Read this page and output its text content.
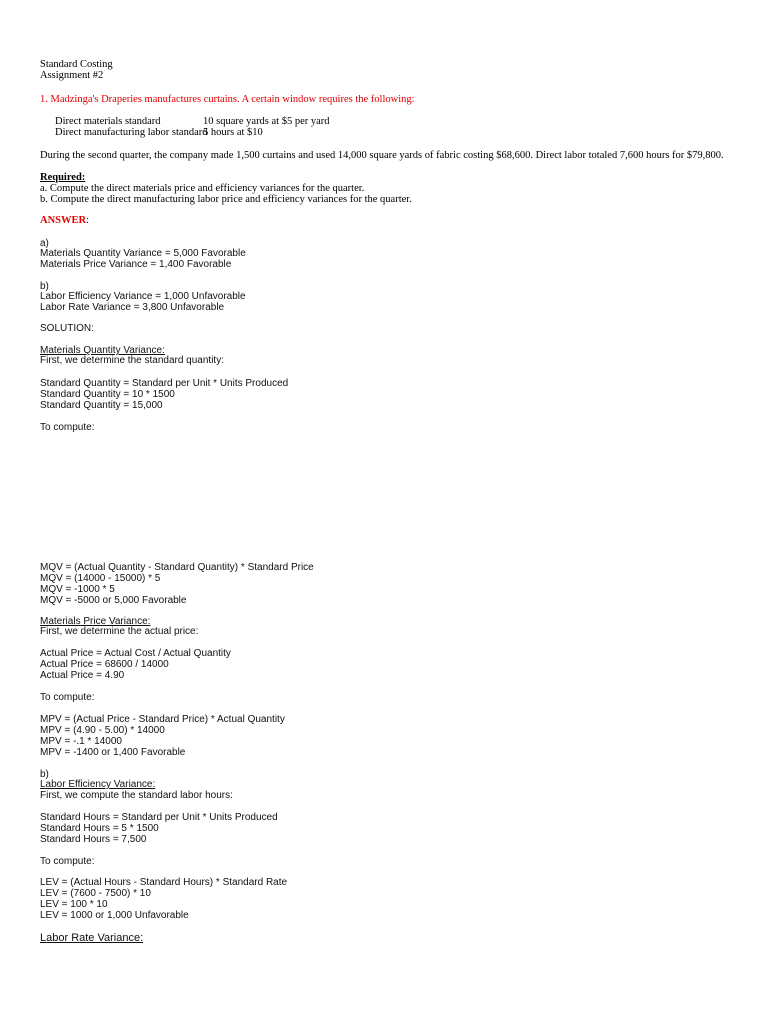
Standard Costing
Assignment #2
1. Madzinga's Draperies manufactures curtains. A certain window requires the following:
Direct materials standard	10 square yards at $5 per yard
Direct manufacturing labor standard
5 hours at $10
During the second quarter, the company made 1,500 curtains and used 14,000 square yards of fabric costing $68,600. Direct labor totaled 7,600 hours for $79,800.
Required:
a. Compute the direct materials price and efficiency variances for the quarter.
b. Compute the direct manufacturing labor price and efficiency variances for the quarter.
ANSWER:
a)
Materials Quantity Variance = 5,000 Favorable
Materials Price Variance = 1,400 Favorable
b)
Labor Efficiency Variance = 1,000 Unfavorable
Labor Rate Variance = 3,800 Unfavorable
SOLUTION:
Materials Quantity Variance:
First, we determine the standard quantity:
Standard Quantity = Standard per Unit * Units Produced
Standard Quantity = 10 * 1500
Standard Quantity = 15,000
To compute:
MQV = (Actual Quantity - Standard Quantity) * Standard Price
MQV = (14000 - 15000) * 5
MQV = -1000 * 5
MQV = -5000 or 5,000 Favorable
Materials Price Variance:
First, we determine the actual price:
Actual Price = Actual Cost / Actual Quantity
Actual Price = 68600 / 14000
Actual Price = 4.90
To compute:
MPV = (Actual Price - Standard Price) * Actual Quantity
MPV = (4.90 - 5.00) * 14000
MPV = -.1 * 14000
MPV = -1400 or 1,400 Favorable
b)
Labor Efficiency Variance:
First, we compute the standard labor hours:
Standard Hours = Standard per Unit * Units Produced
Standard Hours = 5 * 1500
Standard Hours = 7,500
To compute:
LEV = (Actual Hours - Standard Hours) * Standard Rate
LEV = (7600 - 7500) * 10
LEV = 100 * 10
LEV = 1000 or 1,000 Unfavorable
Labor Rate Variance:
